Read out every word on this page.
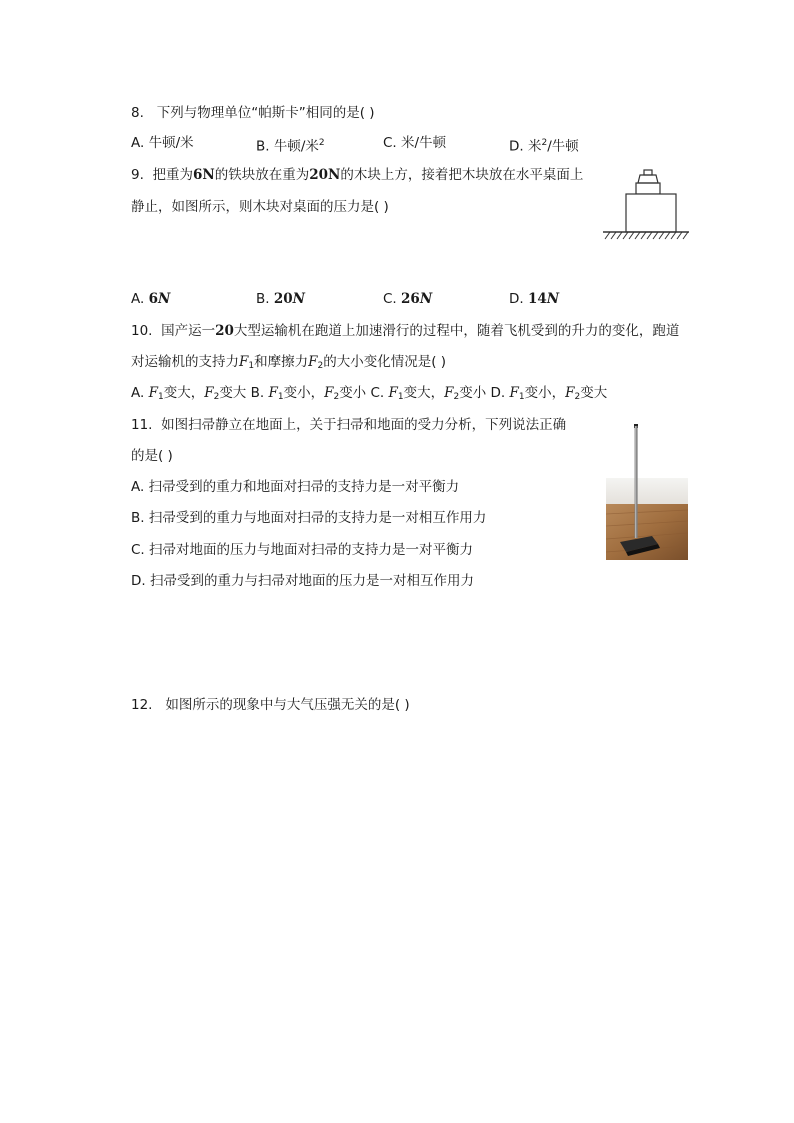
8. 下列与物理单位“帕斯卡”相同的是( )
A. 牛顿/米	B. 牛顿/米$^2$	C. 米/牛顿	D. 米$^2$/牛顿
9. 把重为6N的铁块放在重为20N的木块上方，接着把木块放在水平桌面上
静止，如图所示，则木块对桌面的压力是( )
A. 6N	B. 20N	C. 26N	D. 14N
10. 国产运一20大型运输机在跑道上加速滑行的过程中，随着飞机受到的升力的变化，跑道
对运输机的支持力$F_1$和摩擦力$F_2$的大小变化情况是( )
A. $F_1$变大，$F_2$变大 B. $F_1$变小，$F_2$变小 C. $F_1$变大，$F_2$变小 D. $F_1$变小，$F_2$变大
11. 如图扫帚静立在地面上，关于扫帚和地面的受力分析，下列说法正确
的是( )
A. 扫帚受到的重力和地面对扫帚的支持力是一对平衡力
B. 扫帚受到的重力与地面对扫帚的支持力是一对相互作用力
C. 扫帚对地面的压力与地面对扫帚的支持力是一对平衡力
D. 扫帚受到的重力与扫帚对地面的压力是一对相互作用力
12. 如图所示的现象中与大气压强无关的是( )
